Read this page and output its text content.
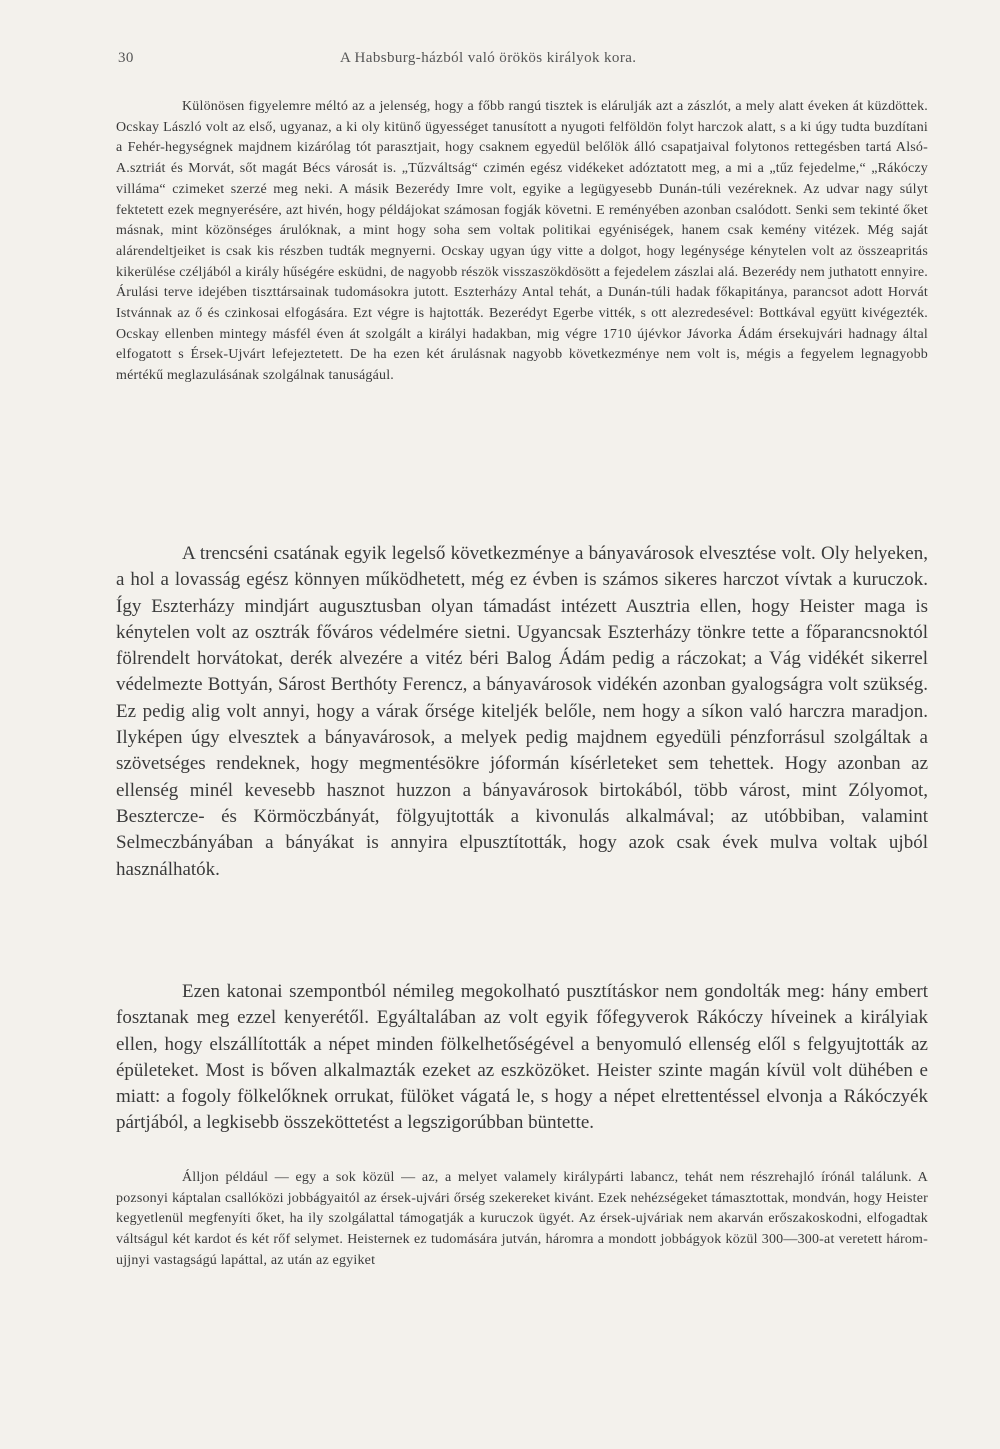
30	A Habsburg-házból való örökös királyok kora.

Különösen figyelemre méltó az a jelenség, hogy a főbb rangú tisztek is elárulják azt a zászlót, a mely alatt éveken át küzdöttek. Ocskay László volt az első, ugyanaz, a ki oly kitünő ügyességet tanusított a nyugoti felföldön folyt harczok alatt, s a ki úgy tudta buzdítani a Fehér-hegységnek majdnem kizárólag tót parasztjait, hogy csaknem egyedül belőlök álló csapatjaival folytonos rettegésben tartá Alsó-A.sztriát és Morvát, sőt magát Bécs városát is. „Tűzváltság“ czimén egész vidékeket adóztatott meg, a mi a „tűz fejedelme,“ „Rákóczy villáma“ czimeket szerzé meg neki. A másik Bezerédy Imre volt, egyike a legügyesebb Dunán-túli vezéreknek. Az udvar nagy súlyt fektetett ezek megnyerésére, azt hivén, hogy példájokat számosan fogják követni. E reményében azonban csalódott. Senki sem tekinté őket másnak, mint közönséges árulóknak, a mint hogy soha sem voltak politikai egyéniségek, hanem csak kemény vitézek. Még saját alárendeltjeiket is csak kis részben tudták megnyerni. Ocskay ugyan úgy vitte a dolgot, hogy legénysége kénytelen volt az összeapritás kikerülése czéljából a király hűségére esküdni, de nagyobb részök visszaszökdösött a fejedelem zászlai alá. Bezerédy nem juthatott ennyire. Árulási terve idejében tiszttársainak tudomásokra jutott. Eszterházy Antal tehát, a Dunán-túli hadak főkapitánya, parancsot adott Horvát Istvánnak az ő és czinkosai elfogására. Ezt végre is hajtották. Bezerédyt Egerbe vitték, s ott alezredesével: Bottkával együtt kivégezték. Ocskay ellenben mintegy másfél éven át szolgált a királyi hadakban, mig végre 1710 újévkor Jávorka Ádám érsekujvári hadnagy által elfogatott s Érsek-Ujvárt lefejeztetett. De ha ezen két árulásnak nagyobb következménye nem volt is, mégis a fegyelem legnagyobb mértékű meglazulásának szolgálnak tanuságául.

A trencséni csatának egyik legelső következménye a bányavárosok elvesztése volt. Oly helyeken, a hol a lovasság egész könnyen működhetett, még ez évben is számos sikeres harczot vívtak a kuruczok. Így Eszterházy mindjárt augusztusban olyan támadást intézett Ausztria ellen, hogy Heister maga is kénytelen volt az osztrák főváros védelmére sietni. Ugyancsak Eszterházy tönkre tette a főparancsnoktól fölrendelt horvátokat, derék alvezére a vitéz béri Balog Ádám pedig a ráczokat; a Vág vidékét sikerrel védelmezte Bottyán, Sárost Berthóty Ferencz, a bányavárosok vidékén azonban gyalogságra volt szükség. Ez pedig alig volt annyi, hogy a várak őrsége kiteljék belőle, nem hogy a síkon való harczra maradjon. Ilyképen úgy elvesztek a bányavárosok, a melyek pedig majdnem egyedüli pénzforrásul szolgáltak a szövetséges rendeknek, hogy megmentésökre jóformán kísérleteket sem tehettek. Hogy azonban az ellenség minél kevesebb hasznot huzzon a bányavárosok birtokából, több várost, mint Zólyomot, Besztercze- és Körmöczbányát, fölgyujtották a kivonulás alkalmával; az utóbbiban, valamint Selmeczbányában a bányákat is annyira elpusztították, hogy azok csak évek mulva voltak ujból használhatók.

Ezen katonai szempontból némileg megokolható pusztításkor nem gondolták meg: hány embert fosztanak meg ezzel kenyerétől. Egyáltalában az volt egyik főfegyverok Rákóczy híveinek a királyiak ellen, hogy elszállították a népet minden fölkelhetőségével a benyomuló ellenség elől s felgyujtották az épületeket. Most is bőven alkalmazták ezeket az eszközöket. Heister szinte magán kívül volt dühében e miatt: a fogoly fölkelőknek orrukat, fülöket vágatá le, s hogy a népet elrettentéssel elvonja a Rákóczyék pártjából, a legkisebb összeköttetést a legszigorúbban büntette.

Álljon például — egy a sok közül — az, a melyet valamely királypárti labancz, tehát nem részrehajló írónál találunk. A pozsonyi káptalan csallóközi jobbágyaitól az érsek-ujvári őrség szekereket kivánt. Ezek nehézségeket támasztottak, mondván, hogy Heister kegyetlenül megfenyíti őket, ha ily szolgálattal támogatják a kuruczok ügyét. Az érsek-ujváriak nem akarván erőszakoskodni, elfogadtak váltságul két kardot és két rőf selymet. Heisternek ez tudomására jutván, háromra a mondott jobbágyok közül 300—300-at veretett három-ujjnyi vastagságú lapáttal, az után az egyiket
